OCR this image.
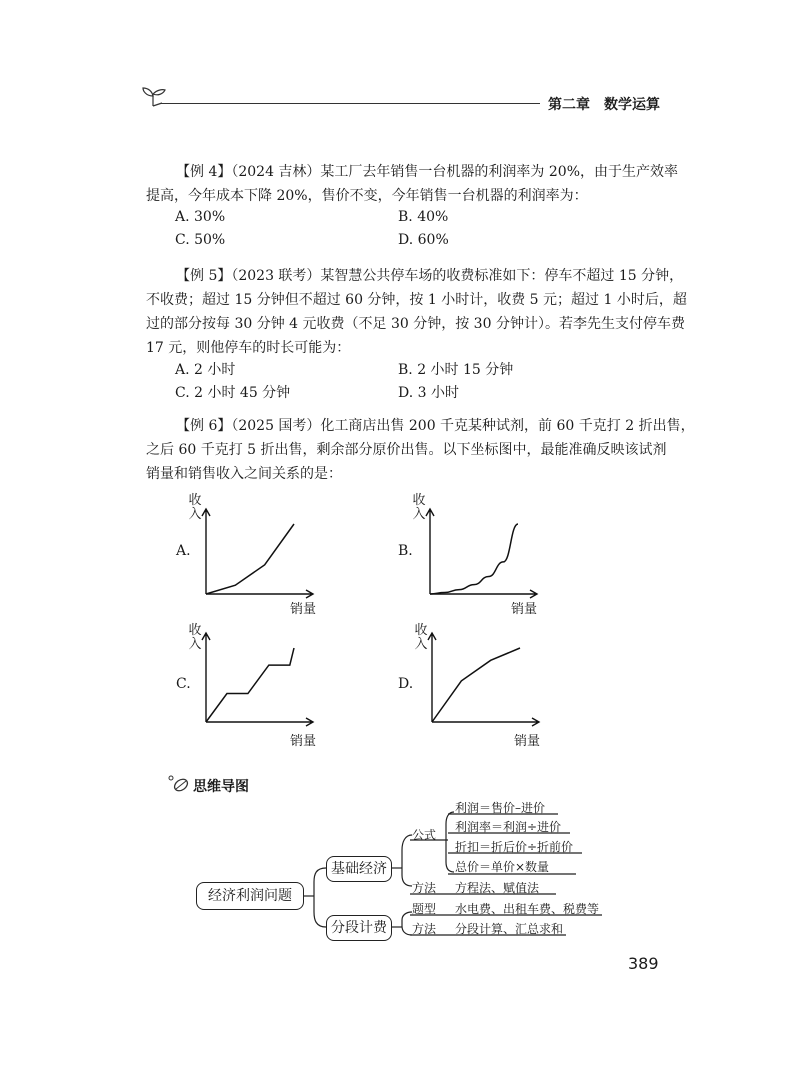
第二章　数学运算
【例 4】（2024 吉林）某工厂去年销售一台机器的利润率为 20%，由于生产效率
提高，今年成本下降 20%，售价不变，今年销售一台机器的利润率为：
A. 30%	B. 40%
C. 50%	D. 60%
【例 5】（2023 联考）某智慧公共停车场的收费标准如下：停车不超过 15 分钟，
不收费；超过 15 分钟但不超过 60 分钟，按 1 小时计，收费 5 元；超过 1 小时后，超
过的部分按每 30 分钟 4 元收费（不足 30 分钟，按 30 分钟计）。若李先生支付停车费
17 元，则他停车的时长可能为：
A. 2 小时	B. 2 小时 15 分钟
C. 2 小时 45 分钟	D. 3 小时
【例 6】（2025 国考）化工商店出售 200 千克某种试剂，前 60 千克打 2 折出售，
之后 60 千克打 5 折出售，剩余部分原价出售。以下坐标图中，最能准确反映该试剂
销量和销售收入之间关系的是：
A.
收入
销量
B.
收入
销量
C.
收入
销量
D.
收入
销量
思维导图
经济利润问题
基础经济
分段计费
公式
利润＝售价–进价
利润率＝利润÷进价
折扣＝折后价÷折前价
总价＝单价×数量
方法 方程法、赋值法
题型 水电费、出租车费、税费等
方法 分段计算、汇总求和
389
